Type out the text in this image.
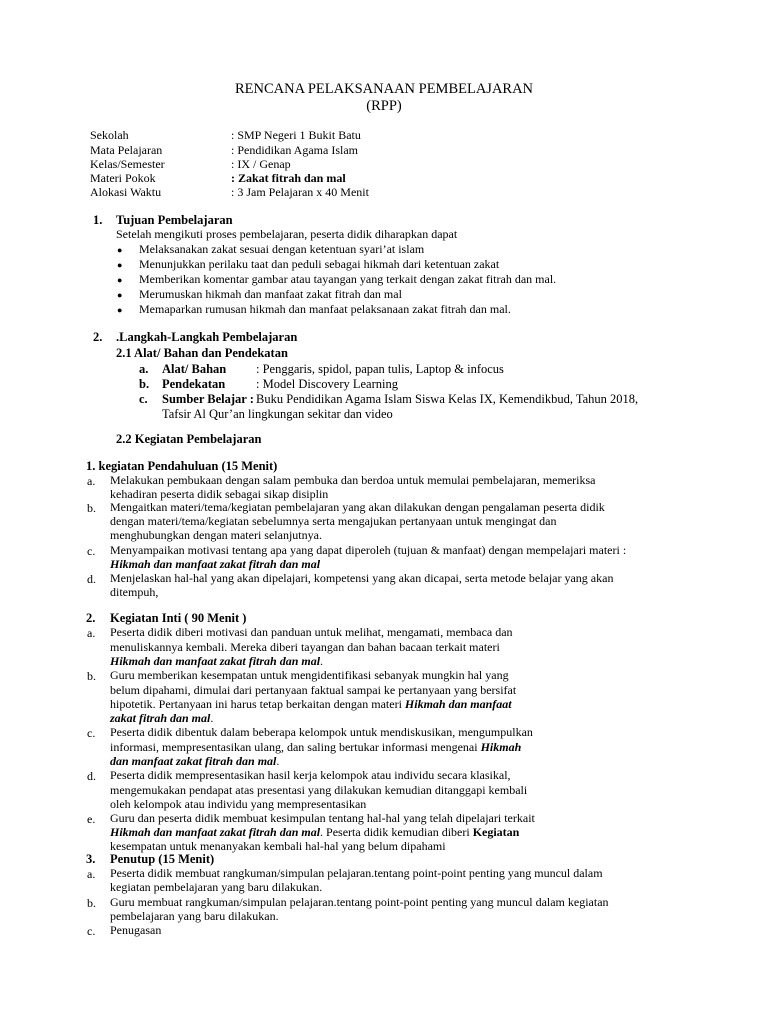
RENCANA PELAKSANAAN PEMBELAJARAN
(RPP)
Sekolah	: SMP Negeri 1 Bukit Batu
Mata Pelajaran	: Pendidikan Agama Islam
Kelas/Semester	: IX / Genap
Materi Pokok	: Zakat fitrah dan mal
Alokasi Waktu	: 3 Jam Pelajaran x 40 Menit
1. Tujuan Pembelajaran
Setelah mengikuti proses pembelajaran, peserta didik diharapkan dapat
● Melaksanakan zakat sesuai dengan ketentuan syari’at islam
● Menunjukkan perilaku taat dan peduli sebagai hikmah dari ketentuan zakat
● Memberikan komentar gambar atau tayangan yang terkait dengan zakat fitrah dan mal.
● Merumuskan hikmah dan manfaat zakat fitrah dan mal
● Memaparkan rumusan hikmah dan manfaat pelaksanaan zakat fitrah dan mal.
2. .Langkah-Langkah Pembelajaran
2.1 Alat/ Bahan dan Pendekatan
a. Alat/ Bahan : Penggaris, spidol, papan tulis, Laptop & infocus
b. Pendekatan : Model Discovery Learning
c. Sumber Belajar : Buku Pendidikan Agama Islam Siswa Kelas IX, Kemendikbud, Tahun 2018,
Tafsir Al Qur’an lingkungan sekitar dan video
2.2 Kegiatan Pembelajaran
1. kegiatan Pendahuluan (15 Menit)
a. Melakukan pembukaan dengan salam pembuka dan berdoa untuk memulai pembelajaran, memeriksa
kehadiran peserta didik sebagai sikap disiplin
b. Mengaitkan materi/tema/kegiatan pembelajaran yang akan dilakukan dengan pengalaman peserta didik
dengan materi/tema/kegiatan sebelumnya serta mengajukan pertanyaan untuk mengingat dan
menghubungkan dengan materi selanjutnya.
c. Menyampaikan motivasi tentang apa yang dapat diperoleh (tujuan & manfaat) dengan mempelajari materi :
Hikmah dan manfaat zakat fitrah dan mal
d. Menjelaskan hal-hal yang akan dipelajari, kompetensi yang akan dicapai, serta metode belajar yang akan
ditempuh,
2. Kegiatan Inti ( 90 Menit )
a. Peserta didik diberi motivasi dan panduan untuk melihat, mengamati, membaca dan
menuliskannya kembali. Mereka diberi tayangan dan bahan bacaan terkait materi
Hikmah dan manfaat zakat fitrah dan mal.
b. Guru memberikan kesempatan untuk mengidentifikasi sebanyak mungkin hal yang
belum dipahami, dimulai dari pertanyaan faktual sampai ke pertanyaan yang bersifat
hipotetik. Pertanyaan ini harus tetap berkaitan dengan materi Hikmah dan manfaat
zakat fitrah dan mal.
c. Peserta didik dibentuk dalam beberapa kelompok untuk mendiskusikan, mengumpulkan
informasi, mempresentasikan ulang, dan saling bertukar informasi mengenai Hikmah
dan manfaat zakat fitrah dan mal.
d. Peserta didik mempresentasikan hasil kerja kelompok atau individu secara klasikal,
mengemukakan pendapat atas presentasi yang dilakukan kemudian ditanggapi kembali
oleh kelompok atau individu yang mempresentasikan
e. Guru dan peserta didik membuat kesimpulan tentang hal-hal yang telah dipelajari terkait
Hikmah dan manfaat zakat fitrah dan mal. Peserta didik kemudian diberi Kegiatan
kesempatan untuk menanyakan kembali hal-hal yang belum dipahami
3. Penutup (15 Menit)
a. Peserta didik membuat rangkuman/simpulan pelajaran.tentang point-point penting yang muncul dalam
kegiatan pembelajaran yang baru dilakukan.
b. Guru membuat rangkuman/simpulan pelajaran.tentang point-point penting yang muncul dalam kegiatan
pembelajaran yang baru dilakukan.
c. Penugasan
